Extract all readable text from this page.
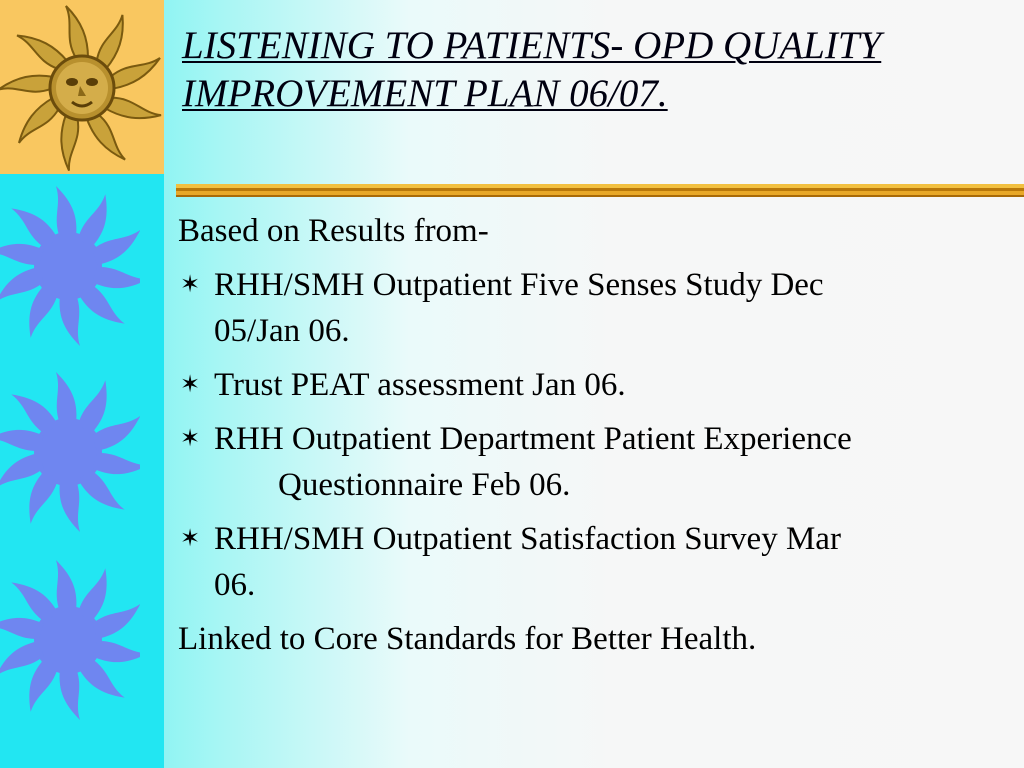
LISTENING TO PATIENTS- OPD QUALITY
IMPROVEMENT PLAN 06/07.

Based on Results from-

✶ RHH/SMH Outpatient Five Senses Study Dec
05/Jan 06.
✶ Trust PEAT assessment Jan 06.
✶ RHH Outpatient Department Patient Experience
Questionnaire Feb 06.
✶ RHH/SMH Outpatient Satisfaction Survey Mar
06.

Linked to Core Standards for Better Health.
